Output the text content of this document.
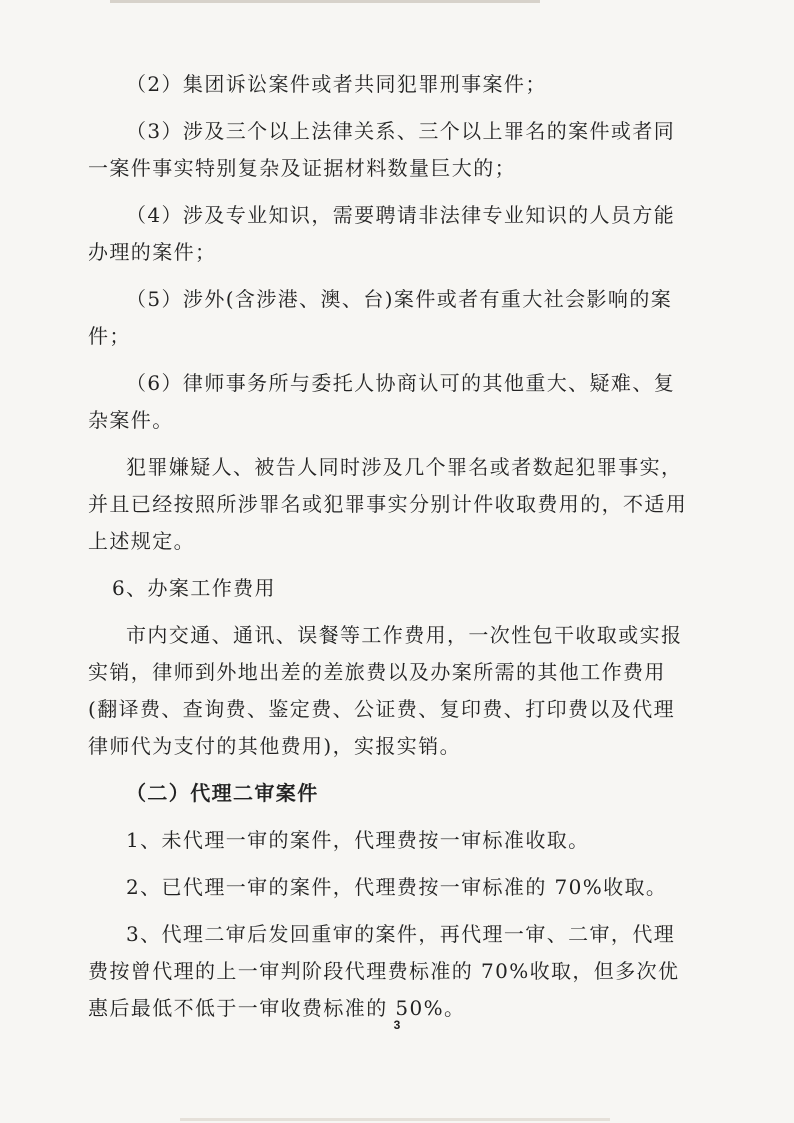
（2）集团诉讼案件或者共同犯罪刑事案件；

（3）涉及三个以上法律关系、三个以上罪名的案件或者同一案件事实特别复杂及证据材料数量巨大的；

（4）涉及专业知识，需要聘请非法律专业知识的人员方能办理的案件；

（5）涉外(含涉港、澳、台)案件或者有重大社会影响的案件；

（6）律师事务所与委托人协商认可的其他重大、疑难、复杂案件。

犯罪嫌疑人、被告人同时涉及几个罪名或者数起犯罪事实，并且已经按照所涉罪名或犯罪事实分别计件收取费用的，不适用上述规定。

6、办案工作费用

市内交通、通讯、误餐等工作费用，一次性包干收取或实报实销，律师到外地出差的差旅费以及办案所需的其他工作费用(翻译费、查询费、鉴定费、公证费、复印费、打印费以及代理律师代为支付的其他费用)，实报实销。

（二）代理二审案件

1、未代理一审的案件，代理费按一审标准收取。

2、已代理一审的案件，代理费按一审标准的 70%收取。

3、代理二审后发回重审的案件，再代理一审、二审，代理费按曾代理的上一审判阶段代理费标准的 70%收取，但多次优惠后最低不低于一审收费标准的 50%。

3
